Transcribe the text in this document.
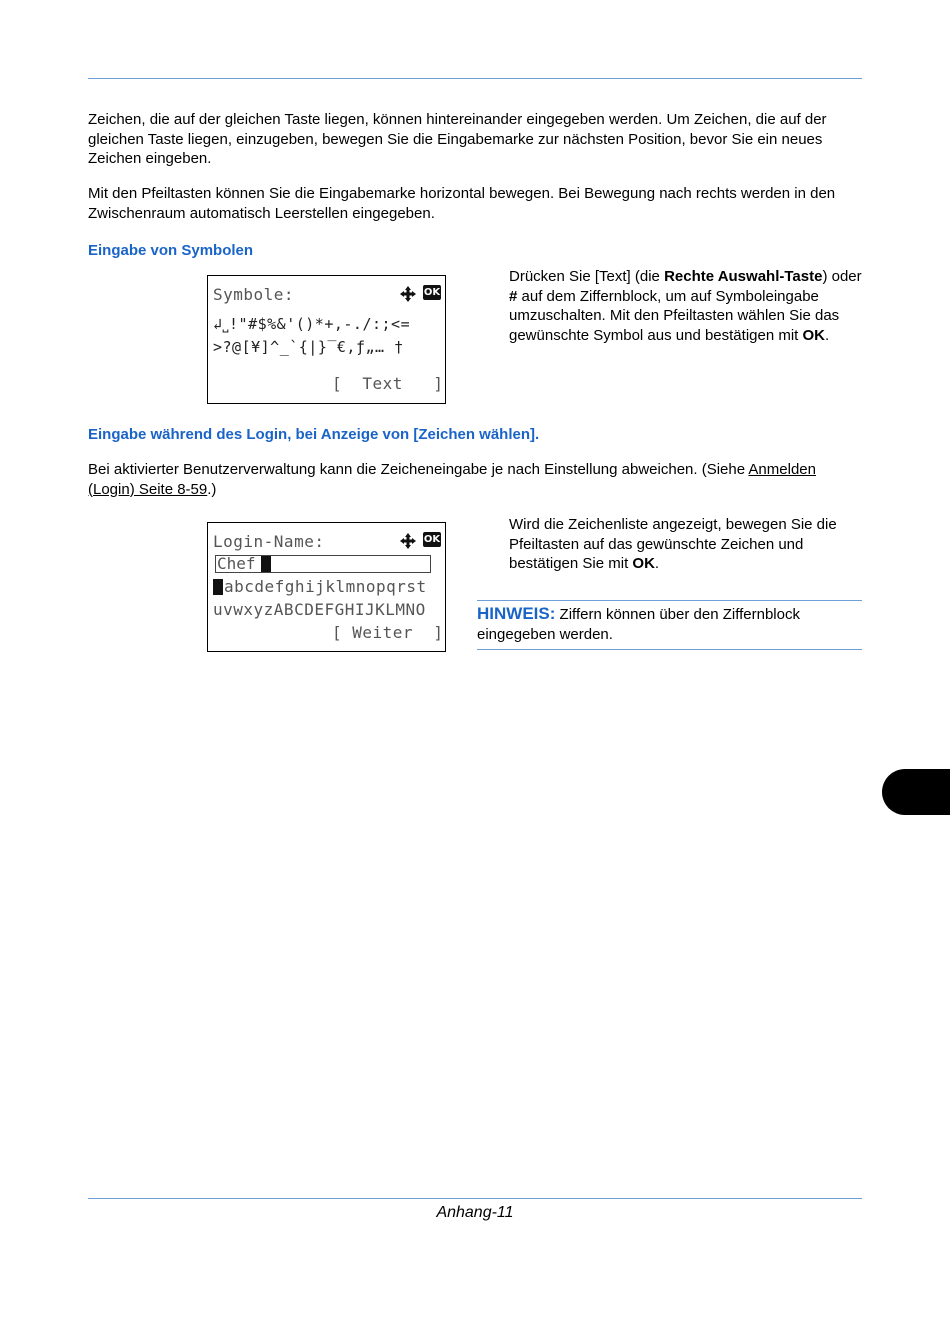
Zeichen, die auf der gleichen Taste liegen, können hintereinander eingegeben werden. Um Zeichen, die auf der gleichen Taste liegen, einzugeben, bewegen Sie die Eingabemarke zur nächsten Position, bevor Sie ein neues Zeichen eingeben.

Mit den Pfeiltasten können Sie die Eingabemarke horizontal bewegen. Bei Bewegung nach rechts werden in den Zwischenraum automatisch Leerstellen eingegeben.

Eingabe von Symbolen

Symbole:	OK
↲⎵!"#$%&'()*+,-./:;<=
>?@[¥]^_`{|}‾€,ƒ„… †
[  Text   ]

Drücken Sie [Text] (die Rechte Auswahl-Taste) oder # auf dem Ziffernblock, um auf Symboleingabe umzuschalten. Mit den Pfeiltasten wählen Sie das gewünschte Symbol aus und bestätigen mit OK.

Eingabe während des Login, bei Anzeige von [Zeichen wählen].

Bei aktivierter Benutzerverwaltung kann die Zeicheneingabe je nach Einstellung abweichen. (Siehe Anmelden (Login) Seite 8-59.)

Login-Name:	OK
Chef
abcdefghijklmnopqrst
uvwxyzABCDEFGHIJKLMNO
[ Weiter  ]

Wird die Zeichenliste angezeigt, bewegen Sie die Pfeiltasten auf das gewünschte Zeichen und bestätigen Sie mit OK.

HINWEIS: Ziffern können über den Ziffernblock eingegeben werden.

Anhang-11
